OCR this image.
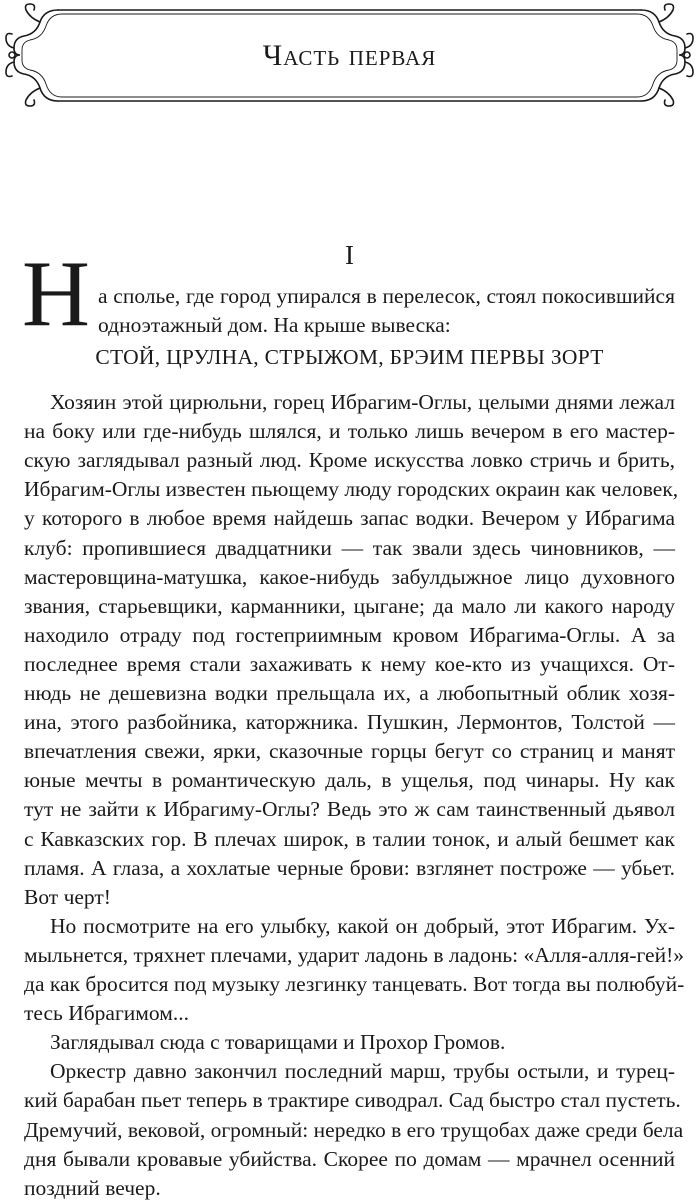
Часть первая
I
Н а сполье, где город упирался в перелесок, стоял покосившийся
одноэтажный дом. На крыше вывеска:
СТОЙ, ЦРУЛНА, СТРЫЖОМ, БРЭИМ ПЕРВЫ ЗОРТ
Хозяин этой цирюльни, горец Ибрагим-Оглы, целыми днями лежал
на боку или где-нибудь шлялся, и только лишь вечером в его мастер-
скую заглядывал разный люд. Кроме искусства ловко стричь и брить,
Ибрагим-Оглы известен пьющему люду городских окраин как человек,
у которого в любое время найдешь запас водки. Вечером у Ибрагима
клуб: пропившиеся двадцатники — так звали здесь чиновников, —
мастеровщина-матушка, какое-нибудь забулдыжное лицо духовного
звания, старьевщики, карманники, цыгане; да мало ли какого народу
находило отраду под гостеприимным кровом Ибрагима-Оглы. А за
последнее время стали захаживать к нему кое-кто из учащихся. От-
нюдь не дешевизна водки прельщала их, а любопытный облик хозя-
ина, этого разбойника, каторжника. Пушкин, Лермонтов, Толстой —
впечатления свежи, ярки, сказочные горцы бегут со страниц и манят
юные мечты в романтическую даль, в ущелья, под чинары. Ну как
тут не зайти к Ибрагиму-Оглы? Ведь это ж сам таинственный дьявол
с Кавказских гор. В плечах широк, в талии тонок, и алый бешмет как
пламя. А глаза, а хохлатые черные брови: взглянет построже — убьет.
Вот черт!
Но посмотрите на его улыбку, какой он добрый, этот Ибрагим. Ух-
мыльнется, тряхнет плечами, ударит ладонь в ладонь: «Алля-алля-гей!»
да как бросится под музыку лезгинку танцевать. Вот тогда вы полюбуй-
тесь Ибрагимом...
Заглядывал сюда с товарищами и Прохор Громов.
Оркестр давно закончил последний марш, трубы остыли, и турец-
кий барабан пьет теперь в трактире сиводрал. Сад быстро стал пустеть.
Дремучий, вековой, огромный: нередко в его трущобах даже среди бела
дня бывали кровавые убийства. Скорее по домам — мрачнел осенний
поздний вечер.
